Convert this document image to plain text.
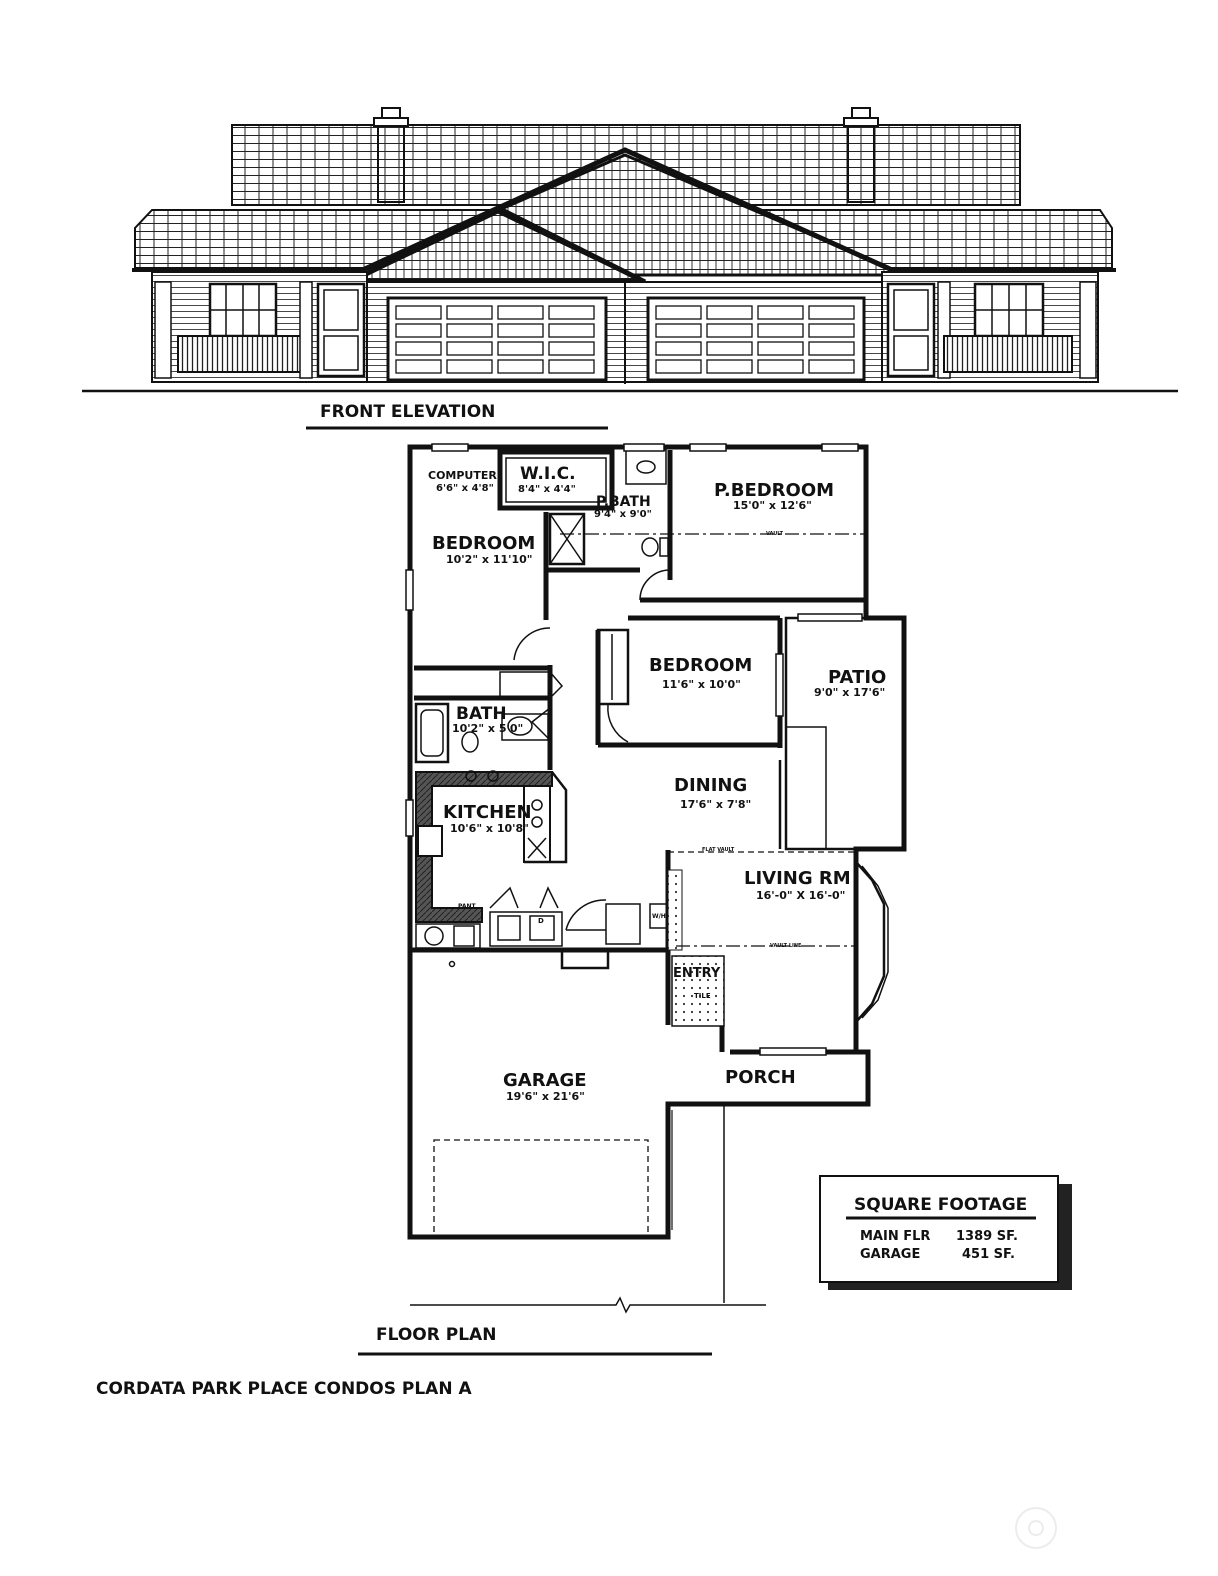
FRONT ELEVATION
D
W/H
COMPUTER
6'6" x 4'8"
W.I.C.
8'4" x 4'4"
P.BATH
9'4" x 9'0"
P.BEDROOM
15'0" x 12'6"
BEDROOM
10'2" x 11'10"
BEDROOM
11'6" x 10'0"	PATIO
9'0" x 17'6"
BATH
10'2" x 5'0"
DINING
17'6" x 7'8"
KITCHEN
10'6" x 10'8"
LIVING RM
16'-0" X 16'-0"
ENTRY
GARAGE
19'6" x 21'6"
PORCH
VAULT
VAULT LINE
FLAT VAULT
TILE
PANT
FLOOR PLAN
SQUARE FOOTAGE
MAIN FLR 1389 SF.
GARAGE	451 SF.
CORDATA PARK PLACE CONDOS PLAN A
